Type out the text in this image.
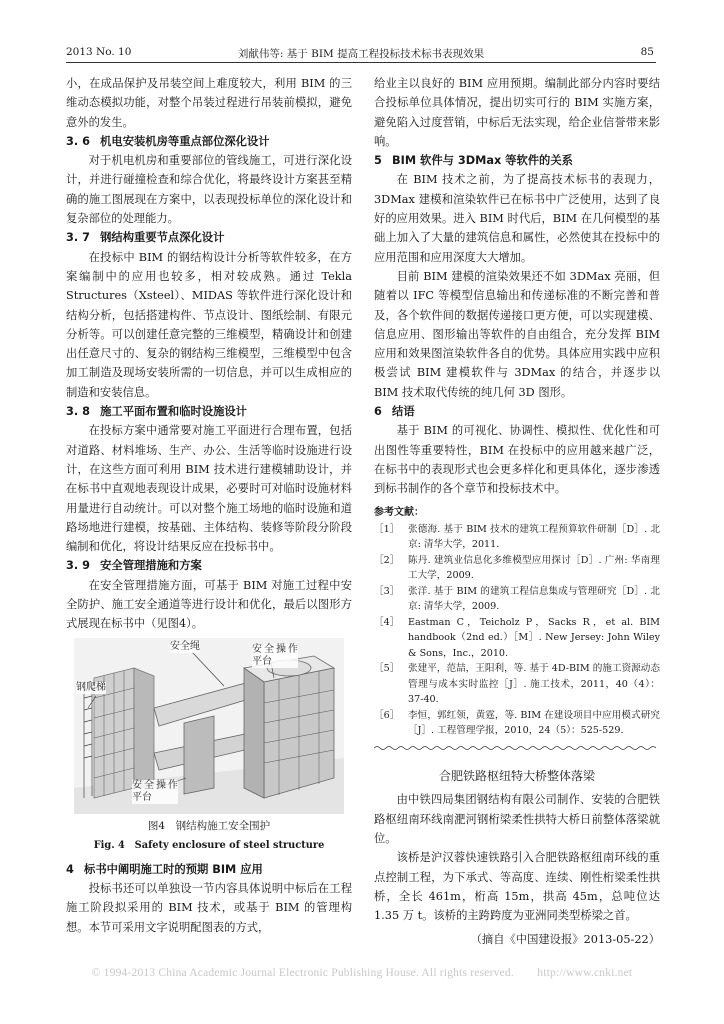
2013 No. 10	刘献伟等: 基于 BIM 提高工程投标技术标书表现效果	85

小，在成品保护及吊装空间上难度较大，利用 BIM 的三维动态模拟功能，对整个吊装过程进行吊装前模拟，避免意外的发生。

3. 6 机电安装机房等重点部位深化设计

对于机电机房和重要部位的管线施工，可进行深化设计，并进行碰撞检查和综合优化，将最终设计方案甚至精确的施工图展现在方案中，以表现投标单位的深化设计和复杂部位的处理能力。

3. 7 钢结构重要节点深化设计

在投标中 BIM 的钢结构设计分析等软件较多，在方案编制中的应用也较多，相对较成熟。通过 Tekla Structures（Xsteel）、MIDAS 等软件进行深化设计和结构分析，包括搭建构件、节点设计、图纸绘制、有限元分析等。可以创建任意完整的三维模型，精确设计和创建出任意尺寸的、复杂的钢结构三维模型，三维模型中包含加工制造及现场安装所需的一切信息，并可以生成相应的制造和安装信息。

3. 8 施工平面布置和临时设施设计

在投标方案中通常要对施工平面进行合理布置，包括对道路、材料堆场、生产、办公、生活等临时设施进行设计，在这些方面可利用 BIM 技术进行建模辅助设计，并在标书中直观地表现设计成果，必要时可对临时设施材料用量进行自动统计。可以对整个施工场地的临时设施和道路场地进行建模，按基础、主体结构、装修等阶段分阶段编制和优化，将设计结果反应在投标书中。

3. 9 安全管理措施和方案

在安全管理措施方面，可基于 BIM 对施工过程中安全防护、施工安全通道等进行设计和优化，最后以图形方式展现在标书中（见图4）。

安全绳	安全操作平台
钢爬梯
安全操作平台
图4　钢结构施工安全围护
Fig. 4　Safety enclosure of steel structure
4 标书中阐明施工时的预期 BIM 应用

投标书还可以单独设一节内容具体说明中标后在工程施工阶段拟采用的 BIM 技术，或基于 BIM 的管理构想。本节可采用文字说明配图表的方式，

给业主以良好的 BIM 应用预期。编制此部分内容时要结合投标单位具体情况，提出切实可行的 BIM 实施方案，避免陷入过度营销，中标后无法实现，给企业信誉带来影响。

5 BIM 软件与 3DMax 等软件的关系

在 BIM 技术之前，为了提高技术标书的表现力，3DMax 建模和渲染软件已在标书中广泛使用，达到了良好的应用效果。进入 BIM 时代后，BIM 在几何模型的基础上加入了大量的建筑信息和属性，必然使其在投标中的应用范围和应用深度大大增加。

目前 BIM 建模的渲染效果还不如 3DMax 亮丽，但随着以 IFC 等模型信息输出和传递标准的不断完善和普及，各个软件间的数据传递接口更方便，可以实现建模、信息应用、图形输出等软件的自由组合，充分发挥 BIM 应用和效果图渲染软件各自的优势。具体应用实践中应积极尝试 BIM 建模软件与 3DMax 的结合，并逐步以 BIM 技术取代传统的纯几何 3D 图形。

6 结语

基于 BIM 的可视化、协调性、模拟性、优化性和可出图性等重要特性，BIM 在投标中的应用越来越广泛，在标书中的表现形式也会更多样化和更具体化，逐步渗透到标书制作的各个章节和投标技术中。

参考文献：
［1］ 张德海. 基于 BIM 技术的建筑工程预算软件研制［D］. 北京: 清华大学，2011.
［2］ 陈丹. 建筑业信息化多维模型应用探讨［D］. 广州: 华南理工大学，2009.
［3］ 张洋. 基于 BIM 的建筑工程信息集成与管理研究［D］. 北京: 清华大学，2009.
［4］ Eastman C，Teicholz P，Sacks R，et al. BIM handbook（2nd ed.）［M］. New Jersey: John Wiley & Sons，Inc.，2010.
［5］ 张建平，范喆，王阳利，等. 基于 4D-BIM 的施工资源动态管理与成本实时监控［J］. 施工技术，2011，40（4）：37-40.
［6］ 李恒，郭红领，黄霆，等. BIM 在建设项目中应用模式研究［J］. 工程管理学报，2010，24（5）：525-529.
合肥铁路枢纽特大桥整体落梁

由中铁四局集团钢结构有限公司制作、安装的合肥铁路枢纽南环线南淝河钢桁梁柔性拱特大桥日前整体落梁就位。

该桥是沪汉蓉快速铁路引入合肥铁路枢纽南环线的重点控制工程，为下承式、等高度、连续、刚性桁梁柔性拱桥，全长 461m，桁高 15m，拱高 45m，总吨位达 1.35 万 t。该桥的主跨跨度为亚洲同类型桥梁之首。

（摘自《中国建设报》2013-05-22）
© 1994-2013 China Academic Journal Electronic Publishing House. All rights reserved.　　http://www.cnki.net
